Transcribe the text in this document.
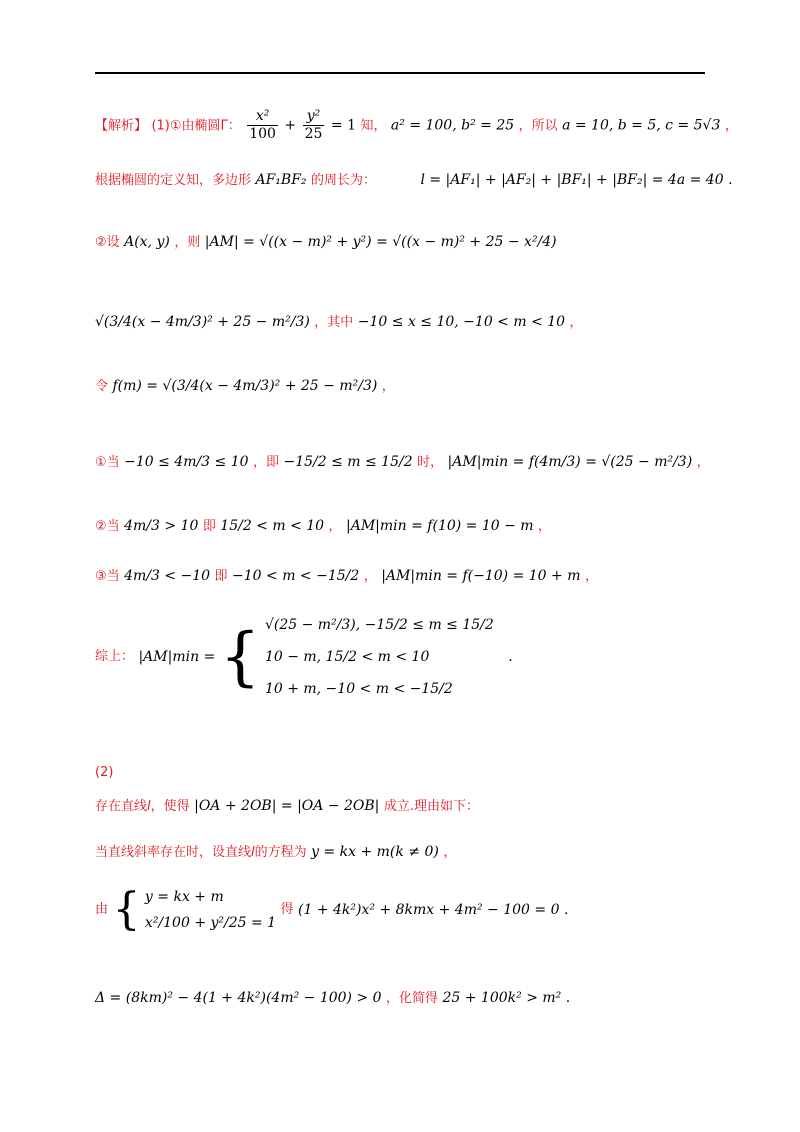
【解析】 (1)①由椭圆Γ： $\frac{\text{x²}}{100} + \frac{\text{y²}}{25} = 1$ 知， a² = 100, b² = 25 ，所以 a = 10, b = 5, c = 5√3 ，
根据椭圆的定义知，多边形 AF₁BF₂ 的周长为：	l = |AF₁| + |AF₂| + |BF₁| + |BF₂| = 4a = 40 .
②设 A(x, y) ，则 |AM| = √((x − m)² + y²) = √((x − m)² + 25 − x²/4)
√(3/4(x − 4m/3)² + 25 − m²/3) ，其中 −10 ≤ x ≤ 10, −10 < m < 10 ，
令 f(m) = √(3/4(x − 4m/3)² + 25 − m²/3) ，
①当 −10 ≤ 4m/3 ≤ 10 ，即 −15/2 ≤ m ≤ 15/2 时， |AM|min = f(4m/3) = √(25 − m²/3) ，
②当 4m/3 > 10 即 15/2 < m < 10 ， |AM|min = f(10) = 10 − m ，
③当 4m/3 < −10 即 −10 < m < −15/2 ， |AM|min = f(−10) = 10 + m ，
综上： |AM|min = { √(25 − m²/3), −15/2 ≤ m ≤ 15/2
10 − m, 15/2 < m < 10
10 + m, −10 < m < −15/2
.
(2)
存在直线l，使得 |OA + 2OB| = |OA − 2OB| 成立.理由如下：
当直线斜率存在时，设直线l的方程为 y = kx + m(k ≠ 0) ，
由 { y = kx + m
x²/100 + y²/25 = 1
得 (1 + 4k²)x² + 8kmx + 4m² − 100 = 0 .
Δ = (8km)² − 4(1 + 4k²)(4m² − 100) > 0 ，化简得 25 + 100k² > m² .
